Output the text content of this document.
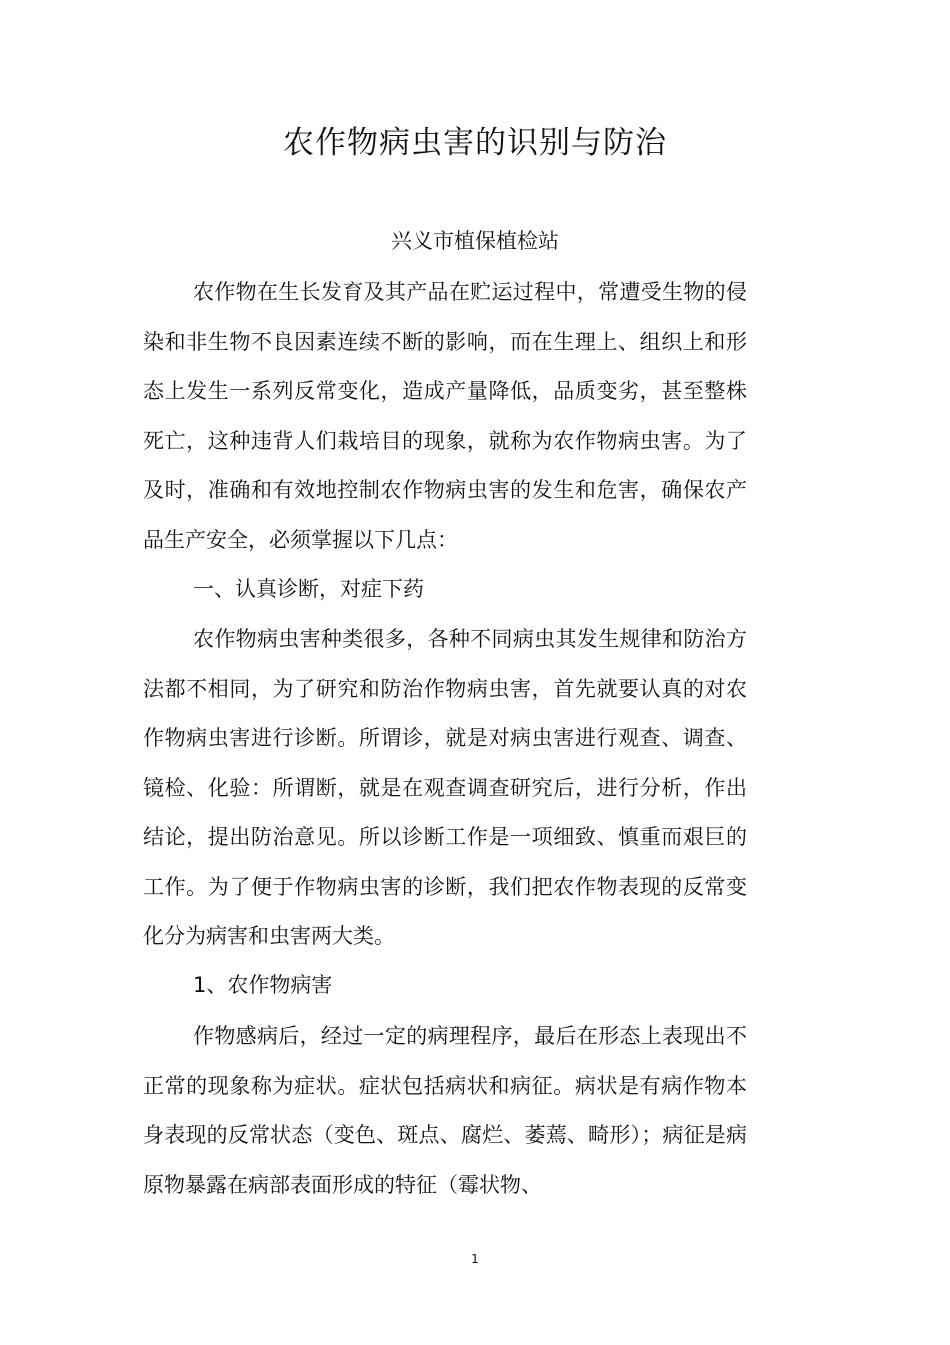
农作物病虫害的识别与防治
兴义市植保植检站

农作物在生长发育及其产品在贮运过程中，常遭受生物的侵染和非生物不良因素连续不断的影响，而在生理上、组织上和形态上发生一系列反常变化，造成产量降低，品质变劣，甚至整株死亡，这种违背人们栽培目的现象，就称为农作物病虫害。为了及时，准确和有效地控制农作物病虫害的发生和危害，确保农产品生产安全，必须掌握以下几点：

一、认真诊断，对症下药

农作物病虫害种类很多，各种不同病虫其发生规律和防治方法都不相同，为了研究和防治作物病虫害，首先就要认真的对农作物病虫害进行诊断。所谓诊，就是对病虫害进行观查、调查、镜检、化验：所谓断，就是在观查调查研究后，进行分析，作出结论，提出防治意见。所以诊断工作是一项细致、慎重而艰巨的工作。为了便于作物病虫害的诊断，我们把农作物表现的反常变化分为病害和虫害两大类。

1、农作物病害

作物感病后，经过一定的病理程序，最后在形态上表现出不正常的现象称为症状。症状包括病状和病征。病状是有病作物本身表现的反常状态（变色、斑点、腐烂、萎蔫、畸形）；病征是病原物暴露在病部表面形成的特征（霉状物、

1
